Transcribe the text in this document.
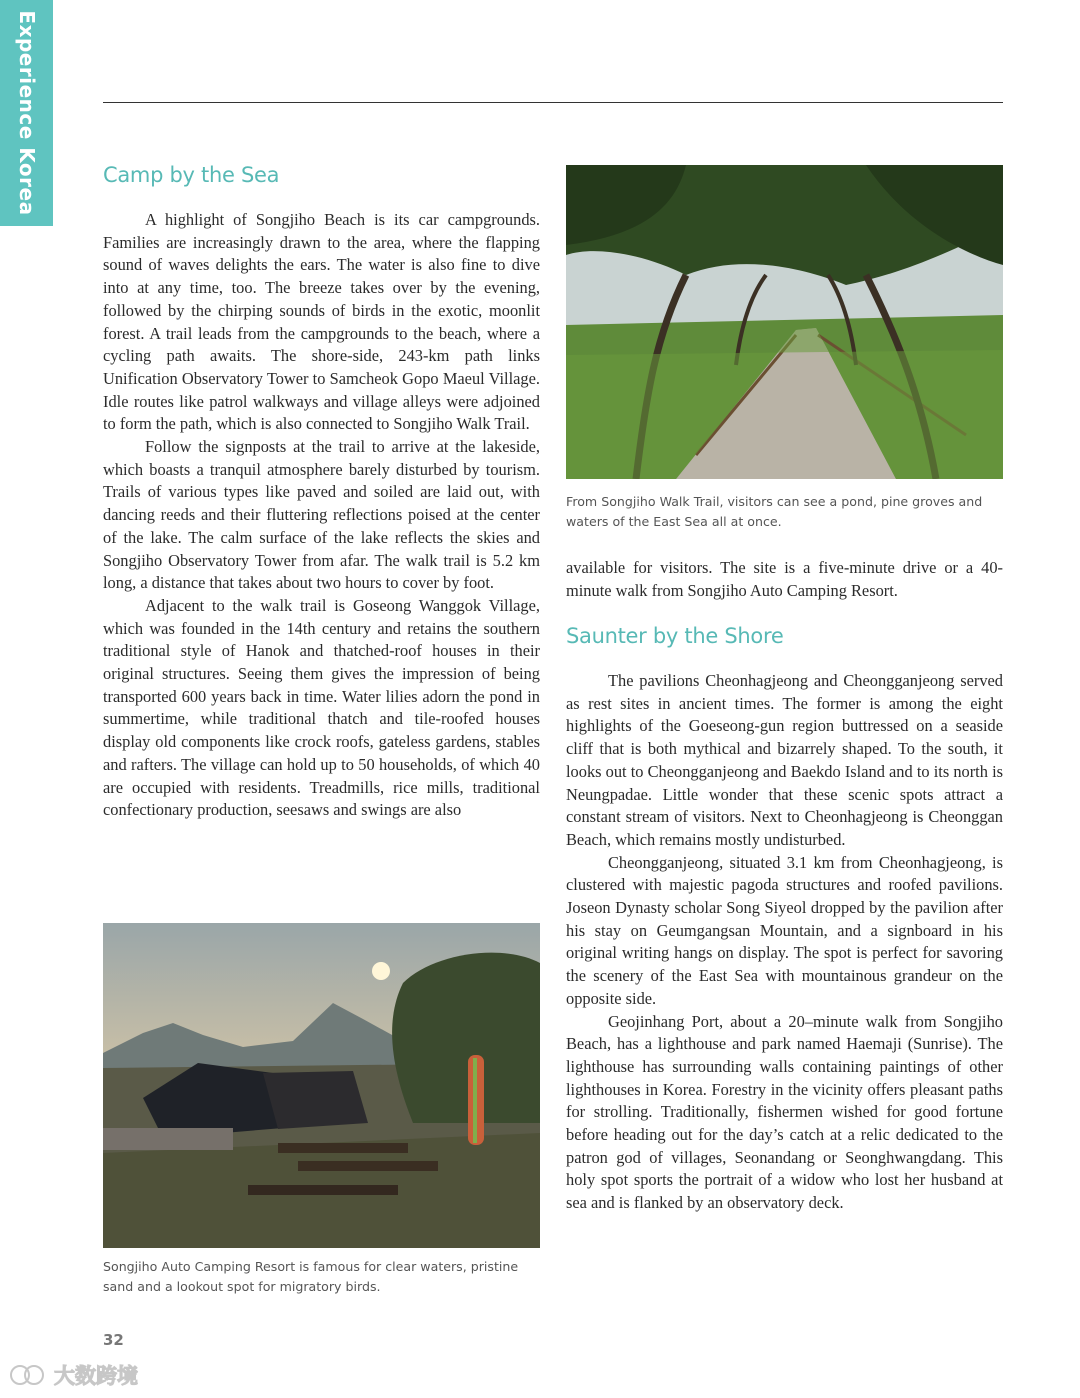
Experience Korea	Camp by the Sea

A highlight of Songjiho Beach is its car campgrounds. Families are increasingly drawn to the area, where the flapping sound of waves delights the ears. The water is also fine to dive into at any time, too. The breeze takes over by the evening, followed by the chirping sounds of birds in the exotic, moonlit forest. A trail leads from the campgrounds to the beach, where a cycling path awaits. The shore-side, 243-km path links Unification Observatory Tower to Samcheok Gopo Maeul Village. Idle routes like patrol walkways and village alleys were adjoined to form the path, which is also connected to Songjiho Walk Trail.

Follow the signposts at the trail to arrive at the lakeside, which boasts a tranquil atmosphere barely disturbed by tourism. Trails of various types like paved and soiled are laid out, with dancing reeds and their fluttering reflections poised at the center of the lake. The calm surface of the lake reflects the skies and Songjiho Observatory Tower from afar. The walk trail is 5.2 km long, a distance that takes about two hours to cover by foot.

Adjacent to the walk trail is Goseong Wanggok Village, which was founded in the 14th century and retains the southern traditional style of Hanok and thatched-roof houses in their original structures. Seeing them gives the impression of being transported 600 years back in time. Water lilies adorn the pond in summertime, while traditional thatch and tile-roofed houses display old components like crock roofs, gateless gardens, stables and rafters. The village can hold up to 50 households, of which 40 are occupied with residents. Treadmills, rice mills, traditional confectionary production, seesaws and swings are also

Songjiho Auto Camping Resort is famous for clear waters, pristine sand and a lookout spot for migratory birds.

From Songjiho Walk Trail, visitors can see a pond, pine groves and waters of the East Sea all at once.

available for visitors. The site is a five-minute drive or a 40-minute walk from Songjiho Auto Camping Resort.

Saunter by the Shore

The pavilions Cheonhagjeong and Cheongganjeong served as rest sites in ancient times. The former is among the eight highlights of the Goeseong-gun region buttressed on a seaside cliff that is both mythical and bizarrely shaped. To the south, it looks out to Cheongganjeong and Baekdo Island and to its north is Neungpadae. Little wonder that these scenic spots attract a constant stream of visitors. Next to Cheonhagjeong is Cheonggan Beach, which remains mostly undisturbed.

Cheongganjeong, situated 3.1 km from Cheonhagjeong, is clustered with majestic pagoda structures and roofed pavilions. Joseon Dynasty scholar Song Siyeol dropped by the pavilion after his stay on Geumgangsan Mountain, and a signboard in his original writing hangs on display. The spot is perfect for savoring the scenery of the East Sea with mountainous grandeur on the opposite side.

Geojinhang Port, about a 20–minute walk from Songjiho Beach, has a lighthouse and park named Haemaji (Sunrise). The lighthouse has surrounding walls containing paintings of other lighthouses in Korea. Forestry in the vicinity offers pleasant paths for strolling. Traditionally, fishermen wished for good fortune before heading out for the day’s catch at a relic dedicated to the patron god of villages, Seonandang or Seonghwangdang. This holy spot sports the portrait of a widow who lost her husband at sea and is flanked by an observatory deck.

32
大数跨境
